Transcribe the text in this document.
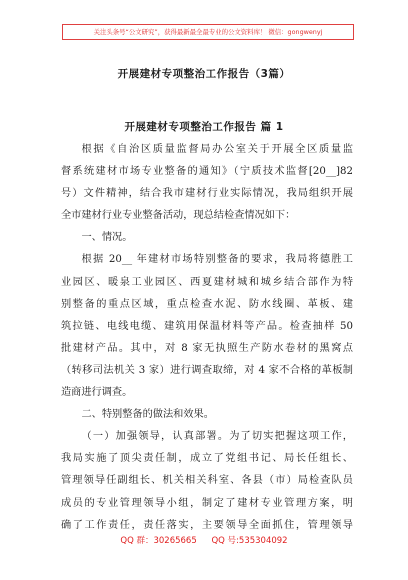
关注头条号“公文研究”，获得最新最全最专业的公文资料库！ 微信：gongwenyj
开展建材专项整治工作报告（3篇）
开展建材专项整治工作报告 篇 1
根据《自治区质量监督局办公室关于开展全区质量监
督系统建材市场专业整备的通知》（宁质技术监督[20__]82
号）文件精神，结合我市建材行业实际情况，我局组织开展
全市建材行业专业整备活动，现总结检查情况如下：
一、情况。
根据 20__ 年建材市场特别整备的要求，我局将德胜工
业园区、暖泉工业园区、西夏建材城和城乡结合部作为特
别整备的重点区域，重点检查水泥、防水线圈、革板、建
筑拉链、电线电缆、建筑用保温材料等产品。检查抽样 50
批建材产品。其中，对 8 家无执照生产防水卷材的黑窝点
（转移司法机关 3 家）进行调查取缔，对 4 家不合格的革板制
造商进行调查。
二、特别整备的做法和效果。
（一）加强领导，认真部署。为了切实把握这项工作，
我局实施了顶尖责任制，成立了党组书记、局长任组长、
管理领导任副组长、机关相关科室、各县（市）局检查队员
成员的专业管理领导小组，制定了建材专业管理方案，明
确了工作责任，责任落实，主要领导全面抓住，管理领导
QQ 群：30265665 QQ 号:535304092
